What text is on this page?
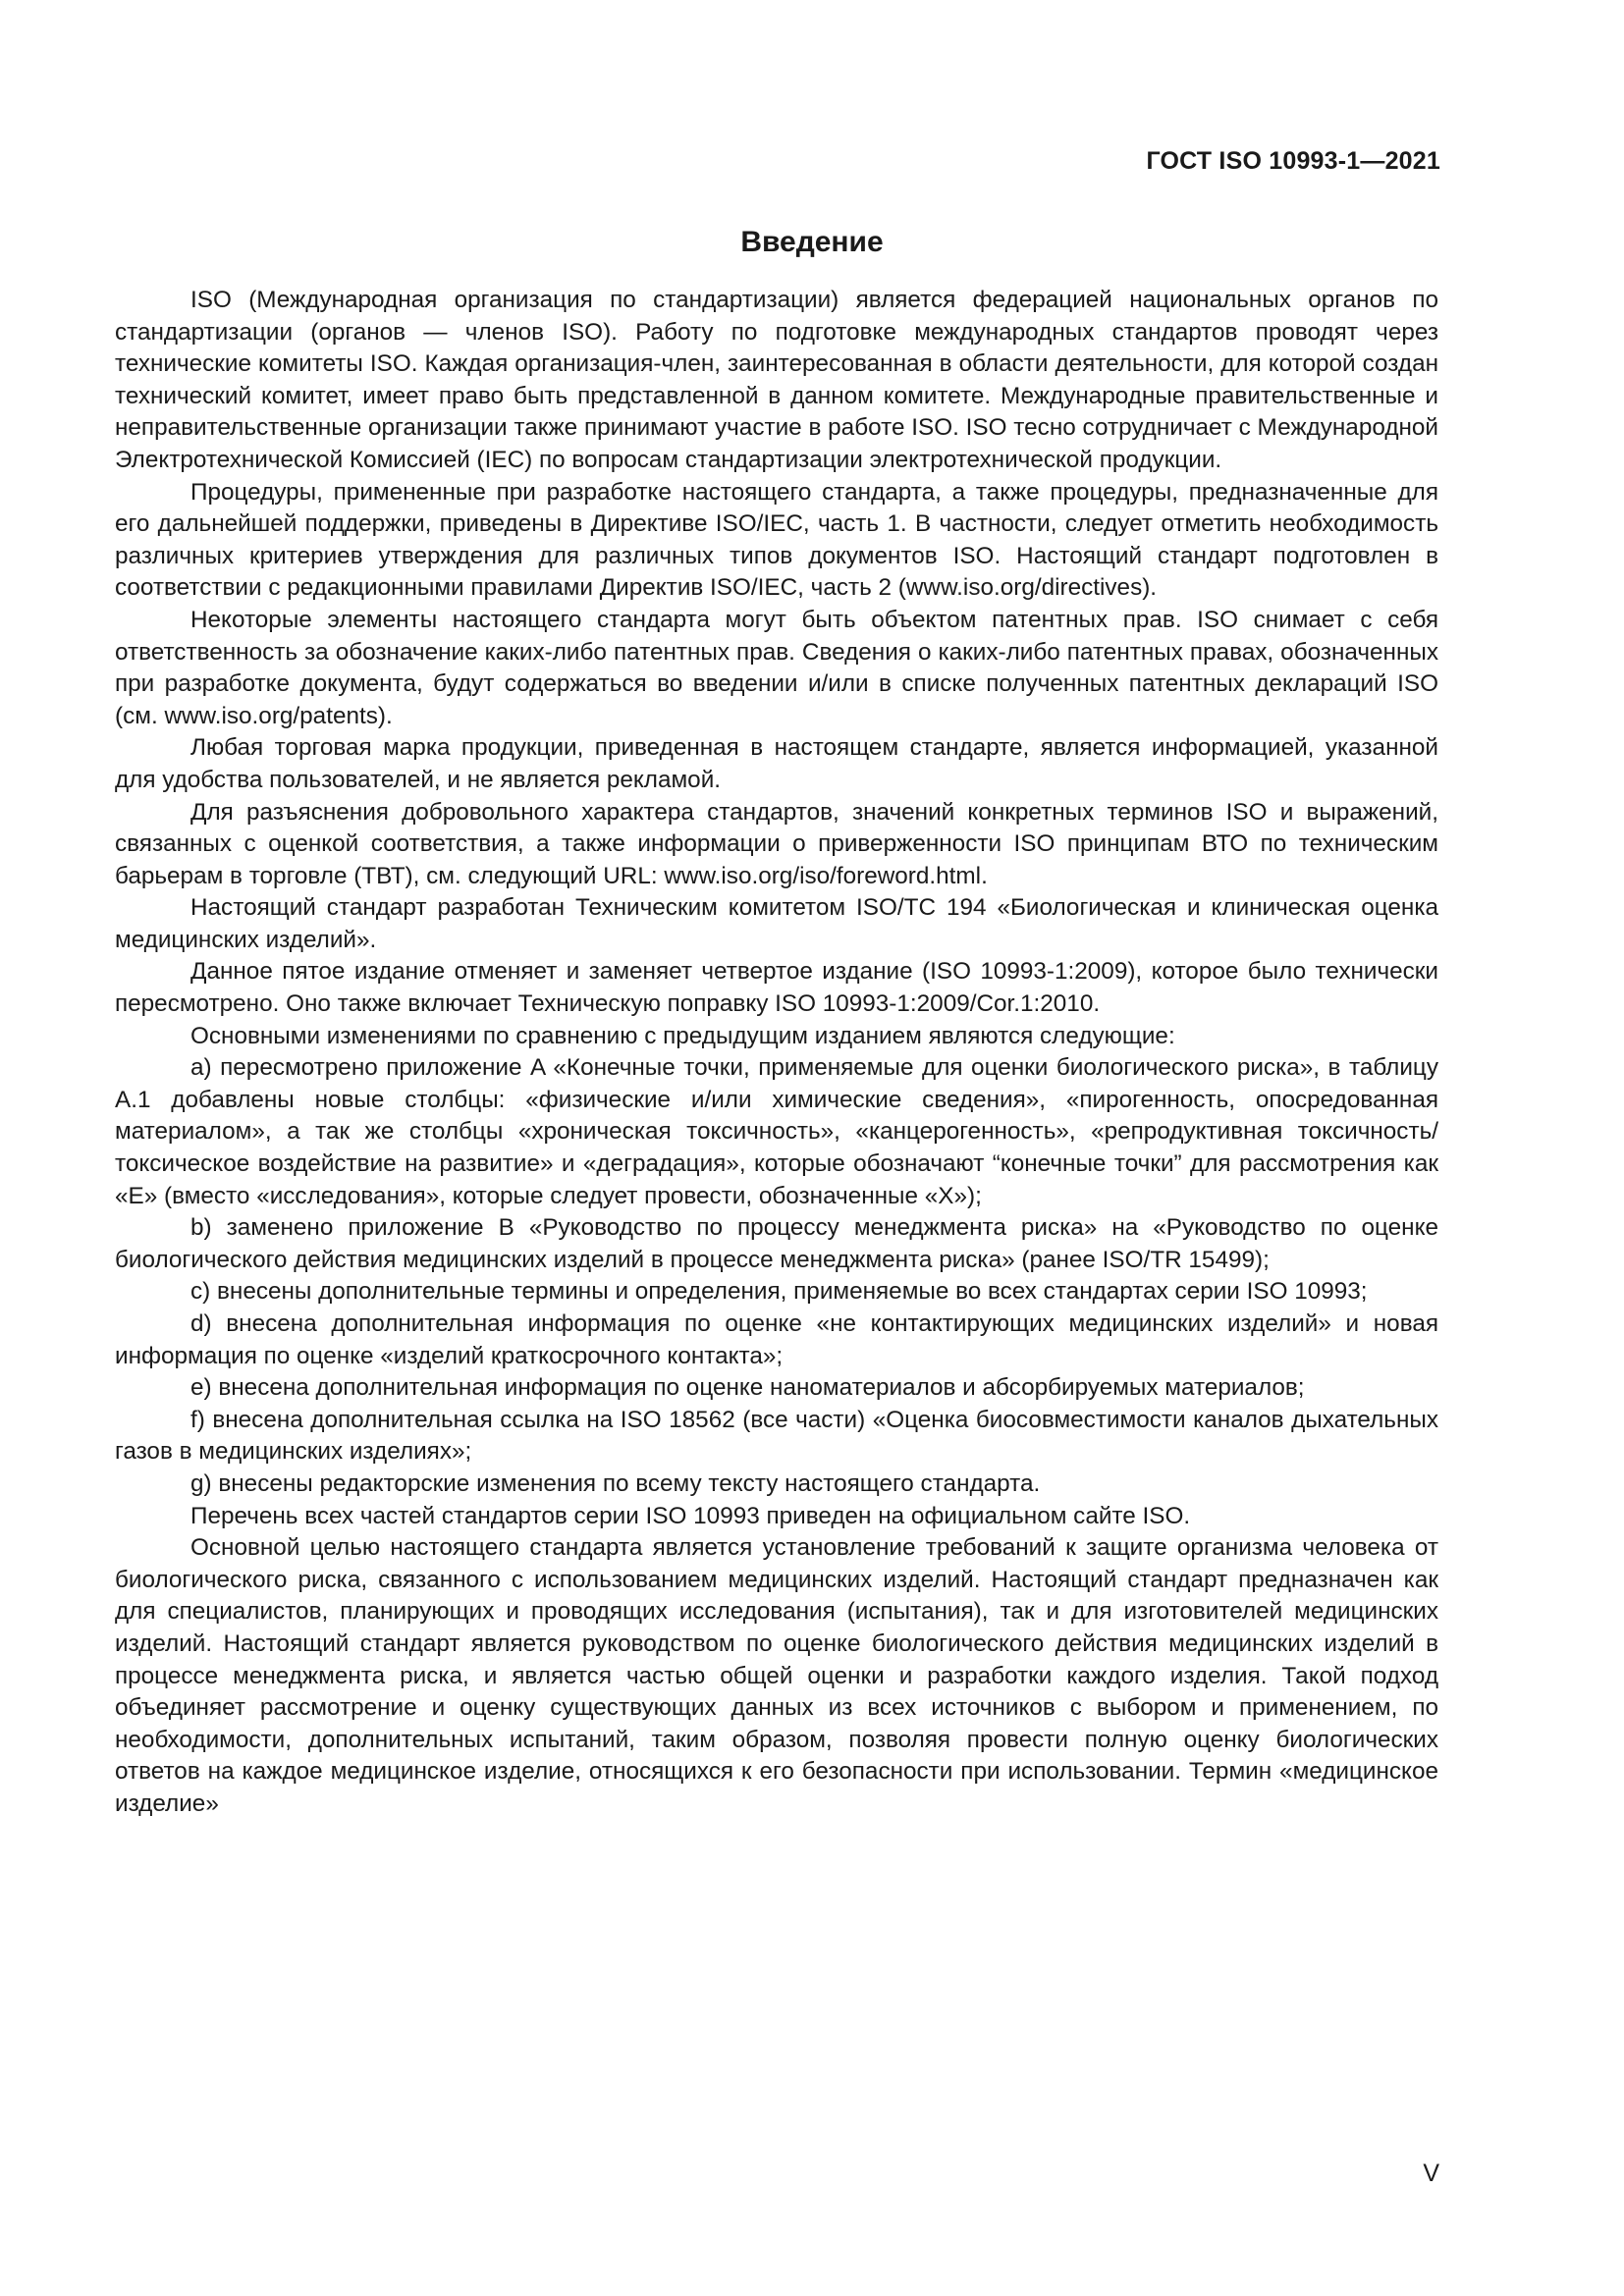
ГОСТ ISO 10993-1—2021
Введение

ISO (Международная организация по стандартизации) является федерацией национальных органов по стандартизации (органов — членов ISO). Работу по подготовке международных стандартов проводят через технические комитеты ISO. Каждая организация-член, заинтересованная в области деятельности, для которой создан технический комитет, имеет право быть представленной в данном комитете. Международные правительственные и неправительственные организации также принимают участие в работе ISO. ISO тесно сотрудничает с Международной Электротехнической Комиссией (IEC) по вопросам стандартизации электротехнической продукции.

Процедуры, примененные при разработке настоящего стандарта, а также процедуры, предназначенные для его дальнейшей поддержки, приведены в Директиве ISO/IEC, часть 1. В частности, следует отметить необходимость различных критериев утверждения для различных типов документов ISO. Настоящий стандарт подготовлен в соответствии с редакционными правилами Директив ISO/IEC, часть 2 (www.iso.org/directives).

Некоторые элементы настоящего стандарта могут быть объектом патентных прав. ISO снимает с себя ответственность за обозначение каких-либо патентных прав. Сведения о каких-либо патентных правах, обозначенных при разработке документа, будут содержаться во введении и/или в списке полученных патентных деклараций ISO (см. www.iso.org/patents).

Любая торговая марка продукции, приведенная в настоящем стандарте, является информацией, указанной для удобства пользователей, и не является рекламой.

Для разъяснения добровольного характера стандартов, значений конкретных терминов ISO и выражений, связанных с оценкой соответствия, а также информации о приверженности ISO принципам ВТО по техническим барьерам в торговле (ТВТ), см. следующий URL: www.iso.org/iso/foreword.html.

Настоящий стандарт разработан Техническим комитетом ISO/TC 194 «Биологическая и клиническая оценка медицинских изделий».

Данное пятое издание отменяет и заменяет четвертое издание (ISO 10993-1:2009), которое было технически пересмотрено. Оно также включает Техническую поправку ISO 10993-1:2009/Cor.1:2010.

Основными изменениями по сравнению с предыдущим изданием являются следующие:

a) пересмотрено приложение A «Конечные точки, применяемые для оценки биологического риска», в таблицу A.1 добавлены новые столбцы: «физические и/или химические сведения», «пирогенность, опосредованная материалом», а так же столбцы «хроническая токсичность», «канцерогенность», «репродуктивная токсичность/токсическое воздействие на развитие» и «деградация», которые обозначают “конечные точки” для рассмотрения как «E» (вместо «исследования», которые следует провести, обозначенные «X»);

b) заменено приложение B «Руководство по процессу менеджмента риска» на «Руководство по оценке биологического действия медицинских изделий в процессе менеджмента риска» (ранее ISO/TR 15499);

c) внесены дополнительные термины и определения, применяемые во всех стандартах серии ISO 10993;

d) внесена дополнительная информация по оценке «не контактирующих медицинских изделий» и новая информация по оценке «изделий краткосрочного контакта»;

e) внесена дополнительная информация по оценке наноматериалов и абсорбируемых материалов;

f) внесена дополнительная ссылка на ISO 18562 (все части) «Оценка биосовместимости каналов дыхательных газов в медицинских изделиях»;

g) внесены редакторские изменения по всему тексту настоящего стандарта.

Перечень всех частей стандартов серии ISO 10993 приведен на официальном сайте ISO.

Основной целью настоящего стандарта является установление требований к защите организма человека от биологического риска, связанного с использованием медицинских изделий. Настоящий стандарт предназначен как для специалистов, планирующих и проводящих исследования (испытания), так и для изготовителей медицинских изделий. Настоящий стандарт является руководством по оценке биологического действия медицинских изделий в процессе менеджмента риска, и является частью общей оценки и разработки каждого изделия. Такой подход объединяет рассмотрение и оценку существующих данных из всех источников с выбором и применением, по необходимости, дополнительных испытаний, таким образом, позволяя провести полную оценку биологических ответов на каждое медицинское изделие, относящихся к его безопасности при использовании. Термин «медицинское изделие»

V
